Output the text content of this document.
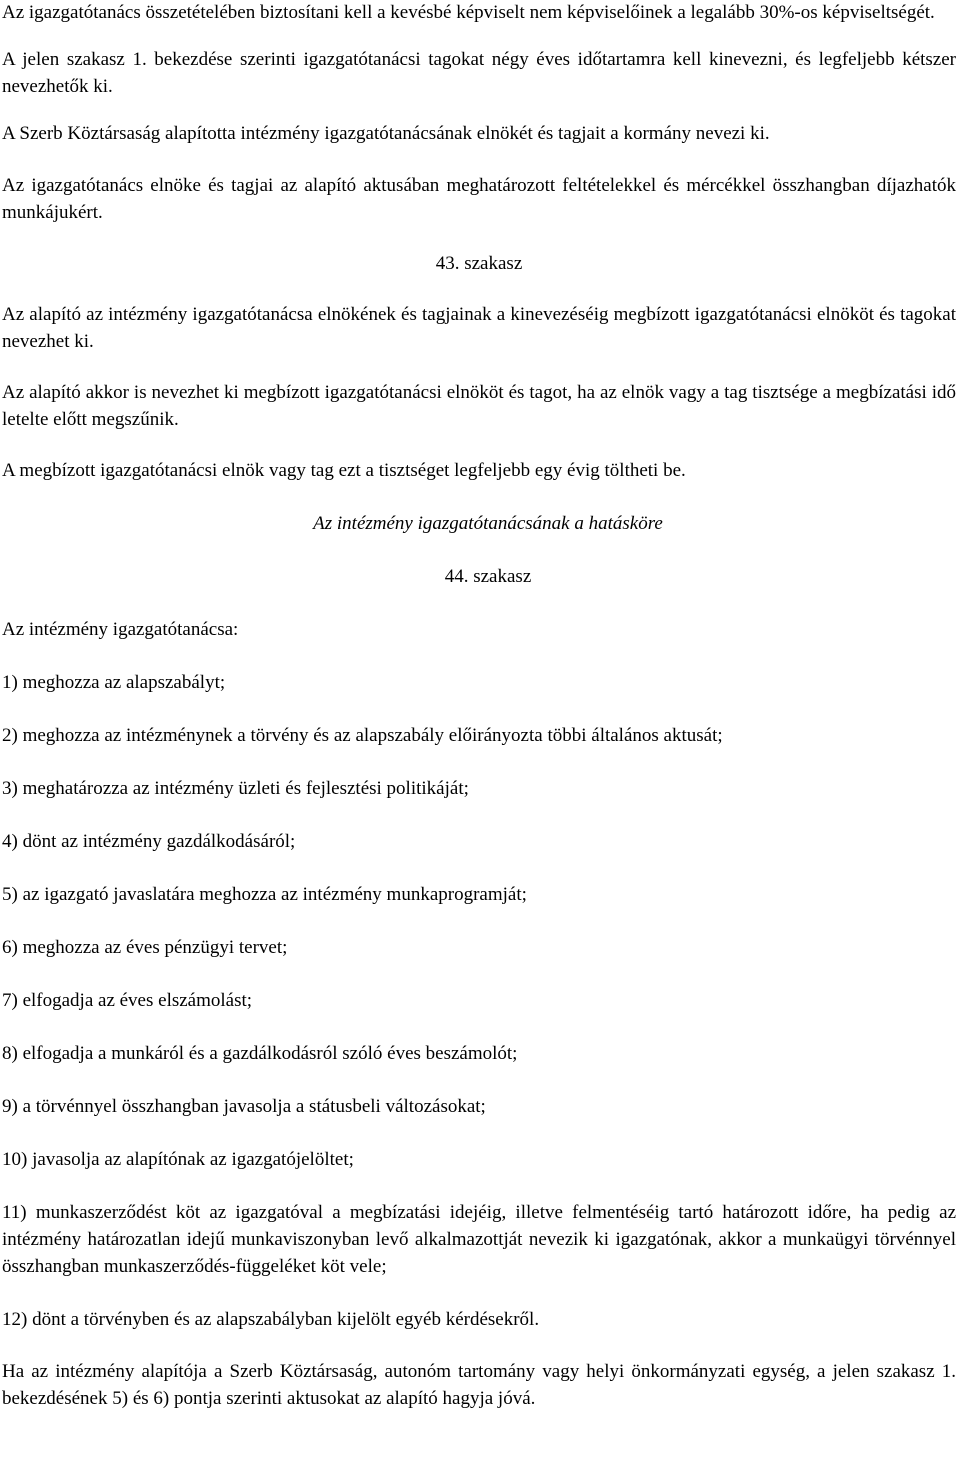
Az igazgatótanács összetételében biztosítani kell a kevésbé képviselt nem képviselőinek a legalább 30%-os képviseltségét.

A jelen szakasz 1. bekezdése szerinti igazgatótanácsi tagokat négy éves időtartamra kell kinevezni, és legfeljebb kétszer nevezhetők ki.

A Szerb Köztársaság alapította intézmény igazgatótanácsának elnökét és tagjait a kormány nevezi ki.

Az igazgatótanács elnöke és tagjai az alapító aktusában meghatározott feltételekkel és mércékkel összhangban díjazhatók munkájukért.

43. szakasz

Az alapító az intézmény igazgatótanácsa elnökének és tagjainak a kinevezéséig megbízott igazgatótanácsi elnököt és tagokat nevezhet ki.

Az alapító akkor is nevezhet ki megbízott igazgatótanácsi elnököt és tagot, ha az elnök vagy a tag tisztsége a megbízatási idő letelte előtt megszűnik.

A megbízott igazgatótanácsi elnök vagy tag ezt a tisztséget legfeljebb egy évig töltheti be.

Az intézmény igazgatótanácsának a hatásköre

44. szakasz

Az intézmény igazgatótanácsa:

1) meghozza az alapszabályt;

2) meghozza az intézménynek a törvény és az alapszabály előirányozta többi általános aktusát;

3) meghatározza az intézmény üzleti és fejlesztési politikáját;

4) dönt az intézmény gazdálkodásáról;

5) az igazgató javaslatára meghozza az intézmény munkaprogramját;

6) meghozza az éves pénzügyi tervet;

7) elfogadja az éves elszámolást;

8) elfogadja a munkáról és a gazdálkodásról szóló éves beszámolót;

9) a törvénnyel összhangban javasolja a státusbeli változásokat;

10) javasolja az alapítónak az igazgatójelöltet;

11) munkaszerződést köt az igazgatóval a megbízatási idejéig, illetve felmentéséig tartó határozott időre, ha pedig az intézmény határozatlan idejű munkaviszonyban levő alkalmazottját nevezik ki igazgatónak, akkor a munkaügyi törvénnyel összhangban munkaszerződés-függeléket köt vele;

12) dönt a törvényben és az alapszabályban kijelölt egyéb kérdésekről.

Ha az intézmény alapítója a Szerb Köztársaság, autonóm tartomány vagy helyi önkormányzati egység, a jelen szakasz 1. bekezdésének 5) és 6) pontja szerinti aktusokat az alapító hagyja jóvá.
